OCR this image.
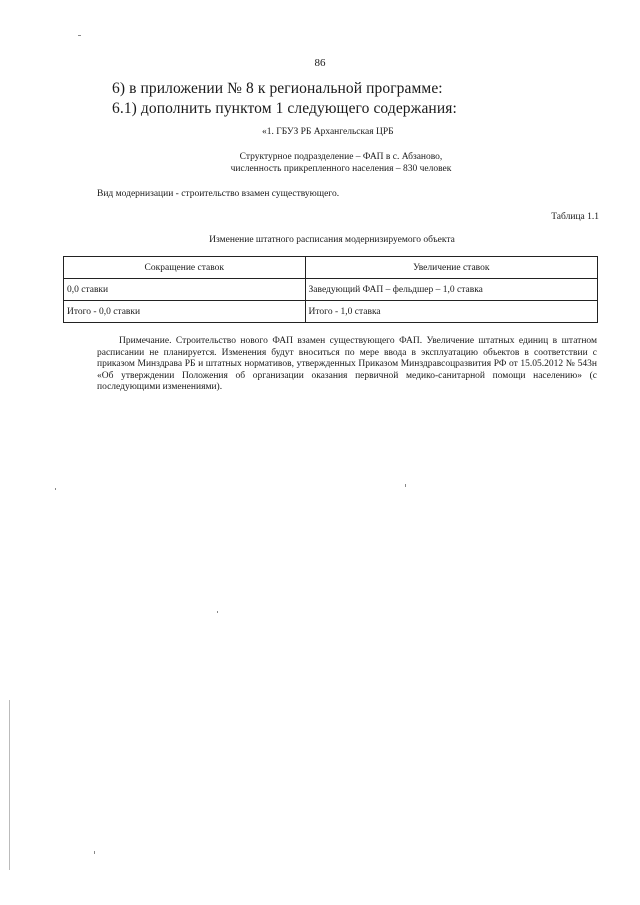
86
6) в приложении № 8 к региональной программе:
6.1) дополнить пунктом 1 следующего содержания:
«1. ГБУЗ РБ Архангельская ЦРБ
Структурное подразделение – ФАП в с. Абзаново,
численность прикрепленного населения – 830 человек
Вид модернизации - строительство взамен существующего.
Таблица 1.1
Изменение штатного расписания модернизируемого объекта
Сокращение ставок	Увеличение ставок
0,0 ставки	Заведующий ФАП – фельдшер – 1,0 ставка
Итого - 0,0 ставки	Итого - 1,0 ставка
Примечание. Строительство нового ФАП взамен существующего ФАП. Увеличение штатных единиц в штатном расписании не планируется. Изменения будут вноситься по мере ввода в эксплуатацию объектов в соответствии с приказом Минздрава РБ и штатных нормативов, утвержденных Приказом Минздравсоцразвития РФ от 15.05.2012 № 543н «Об утверждении Положения об организации оказания первичной медико-санитарной помощи населению» (с последующими изменениями).
